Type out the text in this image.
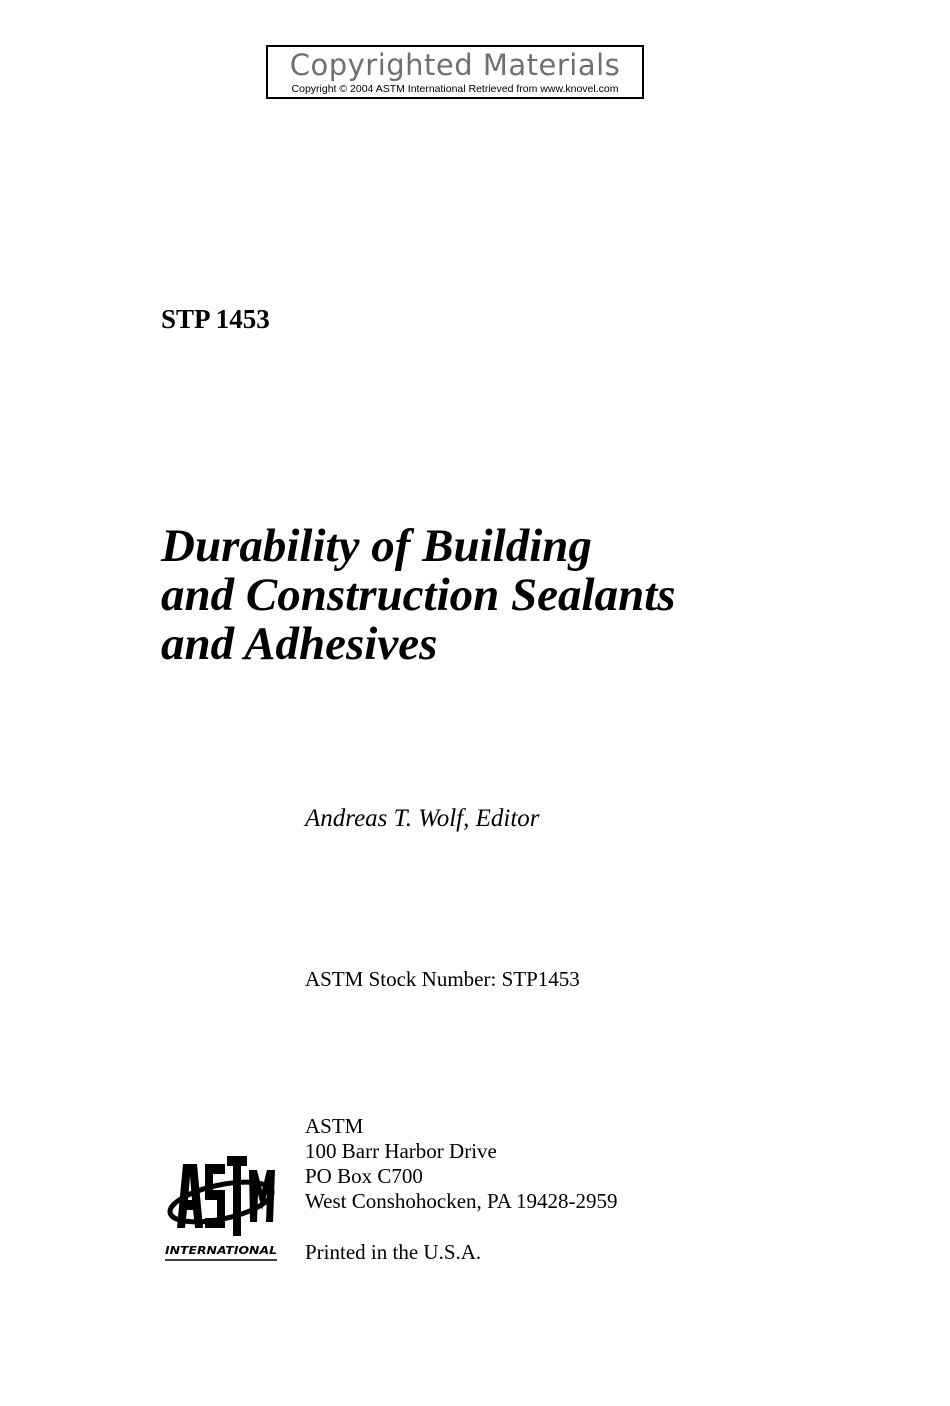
Copyrighted Materials
Copyright © 2004 ASTM International Retrieved from www.knovel.com
STP 1453
Durability of Building
and Construction Sealants
and Adhesives
Andreas T. Wolf, Editor
ASTM Stock Number: STP1453
ASTM
100 Barr Harbor Drive
PO Box C700
West Conshohocken, PA 19428-2959
Printed in the U.S.A.
INTERNATIONAL
